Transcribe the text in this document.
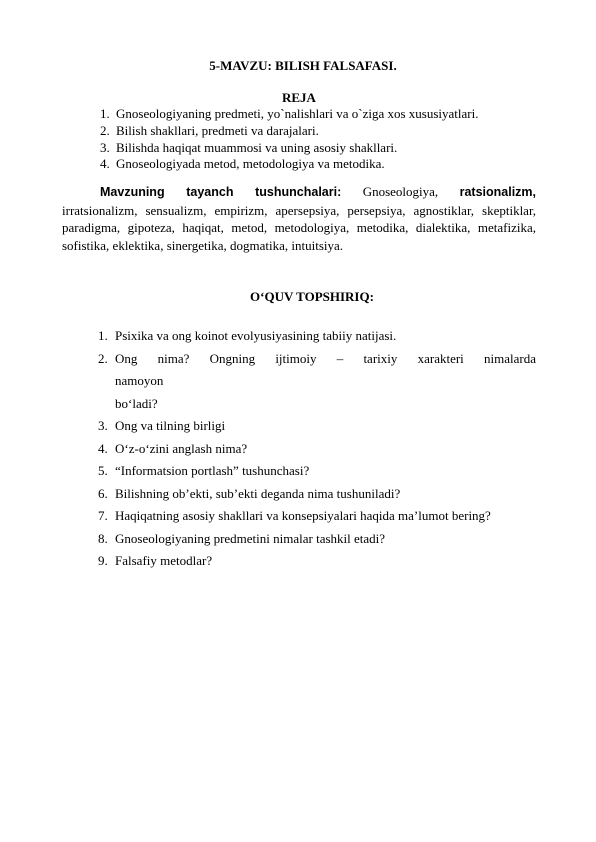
5-MAVZU: BILISH FALSAFASI.
REJA
1. Gnoseologiyaning predmeti, yo`nalishlari va o`ziga xos xususiyatlari.
2. Bilish shakllari, predmeti va darajalari.
3. Bilishda haqiqat muammosi va uning asosiy shakllari.
4. Gnoseologiyada metod, metodologiya va metodika.
Mavzuning tayanch tushunchalari: Gnoseologiya, ratsionalizm, irratsionalizm, sensualizm, empirizm, apersepsiya, persepsiya, agnostiklar, skeptiklar, paradigma, gipoteza, haqiqat, metod, metodologiya, metodika, dialektika, metafizika, sofistika, eklektika, sinergetika, dogmatika, intuitsiya.
O‘QUV TOPSHIRIQ:
1. Psixika va ong koinot evolyusiyasining tabiiy natijasi.
2. Ong nima? Ongning ijtimoiy – tarixiy xarakteri nimalarda namoyon
bo‘ladi?
3. Ong va tilning birligi
4. O‘z-o‘zini anglash nima?
5. “Informatsion portlash” tushunchasi?
6. Bilishning ob’ekti, sub’ekti deganda nima tushuniladi?
7. Haqiqatning asosiy shakllari va konsepsiyalari haqida ma’lumot bering?
8. Gnoseologiyaning predmetini nimalar tashkil etadi?
9. Falsafiy metodlar?
